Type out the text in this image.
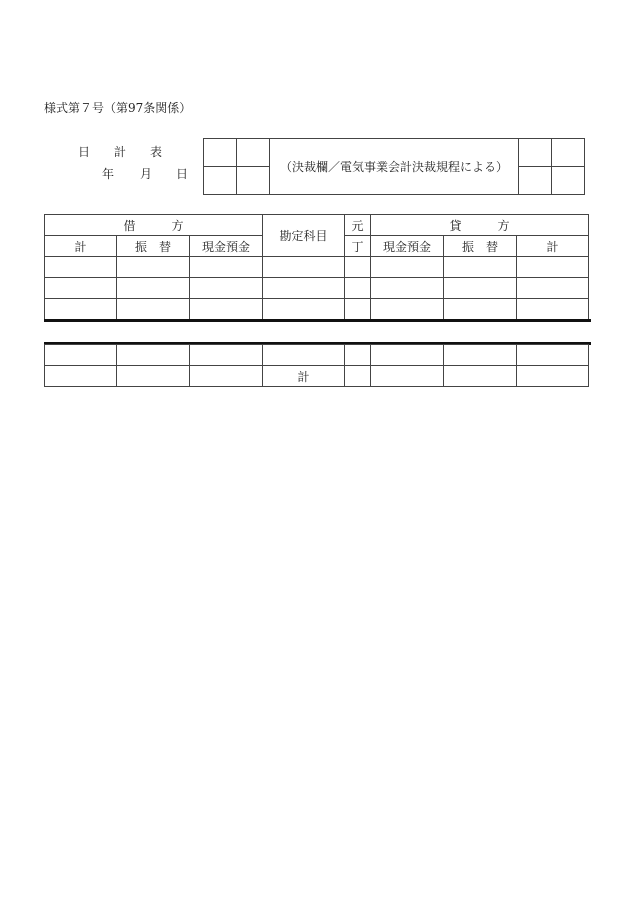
様式第７号（第97条関係）
日 計 表
年 月 日
			（決裁欄／電気事業会計決裁規程による）		

借　　　方			勘定科目	元	貸　　　方		
計	振　替	現金預金		丁	現金預金	振　替	計

			計				
